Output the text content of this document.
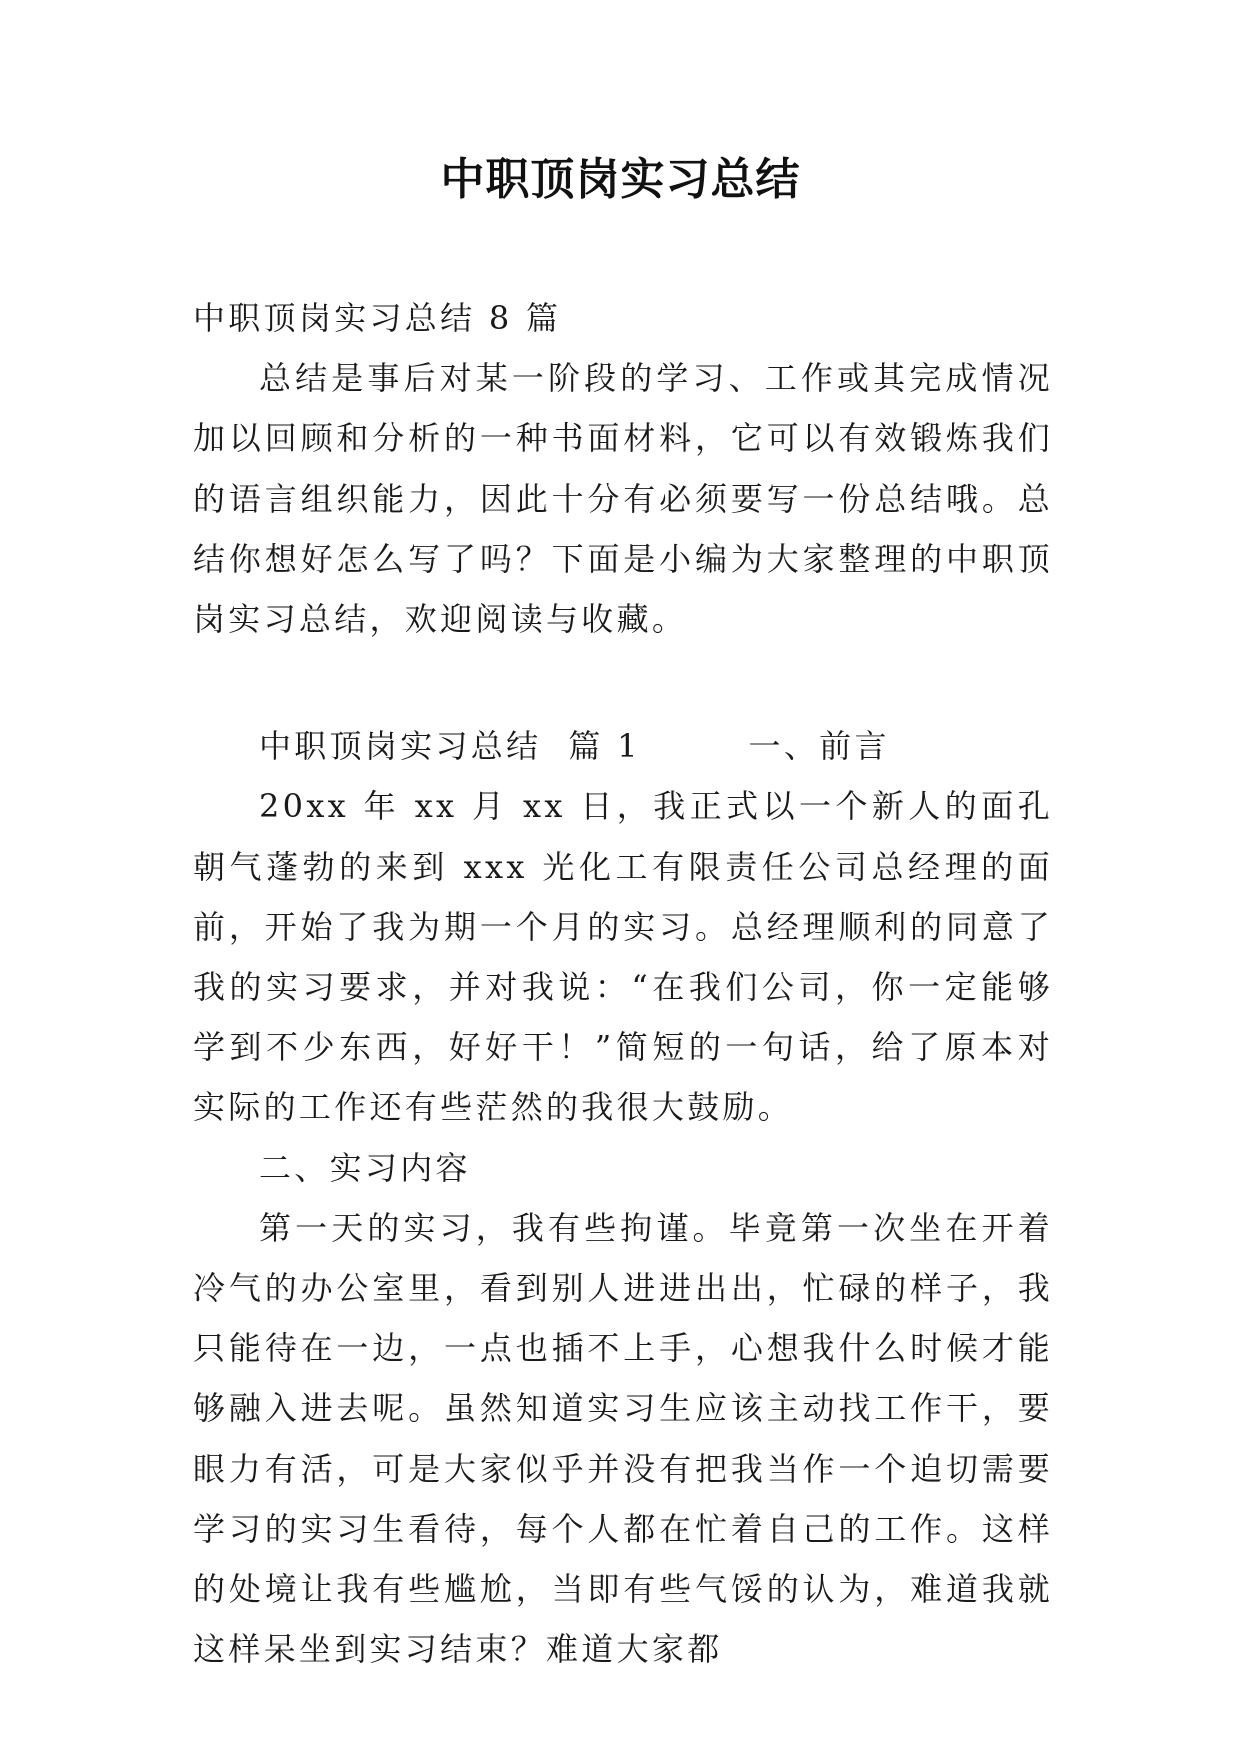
中职顶岗实习总结

中职顶岗实习总结 8 篇

总结是事后对某一阶段的学习、工作或其完成情况加以回顾和分析的一种书面材料，它可以有效锻炼我们的语言组织能力，因此十分有必须要写一份总结哦。总结你想好怎么写了吗？下面是小编为大家整理的中职顶岗实习总结，欢迎阅读与收藏。

中职顶岗实习总结  篇 1        一、前言

20xx 年 xx 月 xx 日，我正式以一个新人的面孔朝气蓬勃的来到 xxx 光化工有限责任公司总经理的面前，开始了我为期一个月的实习。总经理顺利的同意了我的实习要求，并对我说：“在我们公司，你一定能够学到不少东西，好好干！”简短的一句话，给了原本对实际的工作还有些茫然的我很大鼓励。

二、实习内容

第一天的实习，我有些拘谨。毕竟第一次坐在开着冷气的办公室里，看到别人进进出出，忙碌的样子，我只能待在一边，一点也插不上手，心想我什么时候才能够融入进去呢。虽然知道实习生应该主动找工作干，要眼力有活，可是大家似乎并没有把我当作一个迫切需要学习的实习生看待，每个人都在忙着自己的工作。这样的处境让我有些尴尬，当即有些气馁的认为，难道我就这样呆坐到实习结束？难道大家都
